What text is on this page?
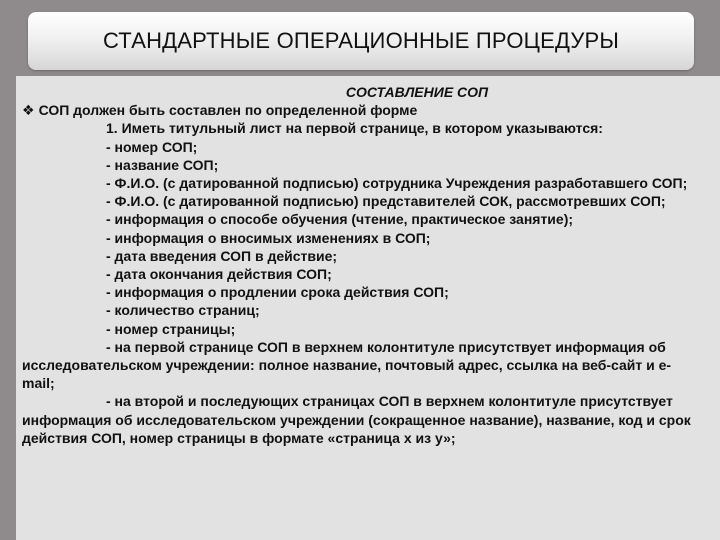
СТАНДАРТНЫЕ ОПЕРАЦИОННЫЕ ПРОЦЕДУРЫ
СОСТАВЛЕНИЕ СОП
❖ СОП должен быть составлен по определенной форме
1. Иметь титульный лист на первой странице, в котором указываются:
- номер СОП;
- название СОП;
- Ф.И.О. (с датированной подписью) сотрудника Учреждения разработавшего СОП;
- Ф.И.О. (с датированной подписью) представителей СОК, рассмотревших СОП;
- информация о способе обучения (чтение, практическое занятие);
- информация о вносимых изменениях в СОП;
- дата введения СОП в действие;
- дата окончания действия СОП;
- информация о продлении срока действия СОП;
- количество страниц;
- номер страницы;
- на первой странице СОП в верхнем колонтитуле присутствует информация об исследовательском учреждении: полное название, почтовый адрес, ссылка на веб-сайт и e-mail;
- на второй и последующих страницах СОП в верхнем колонтитуле присутствует информация об исследовательском учреждении (сокращенное название), название, код и срок действия СОП, номер страницы в формате «страница х из у»;
